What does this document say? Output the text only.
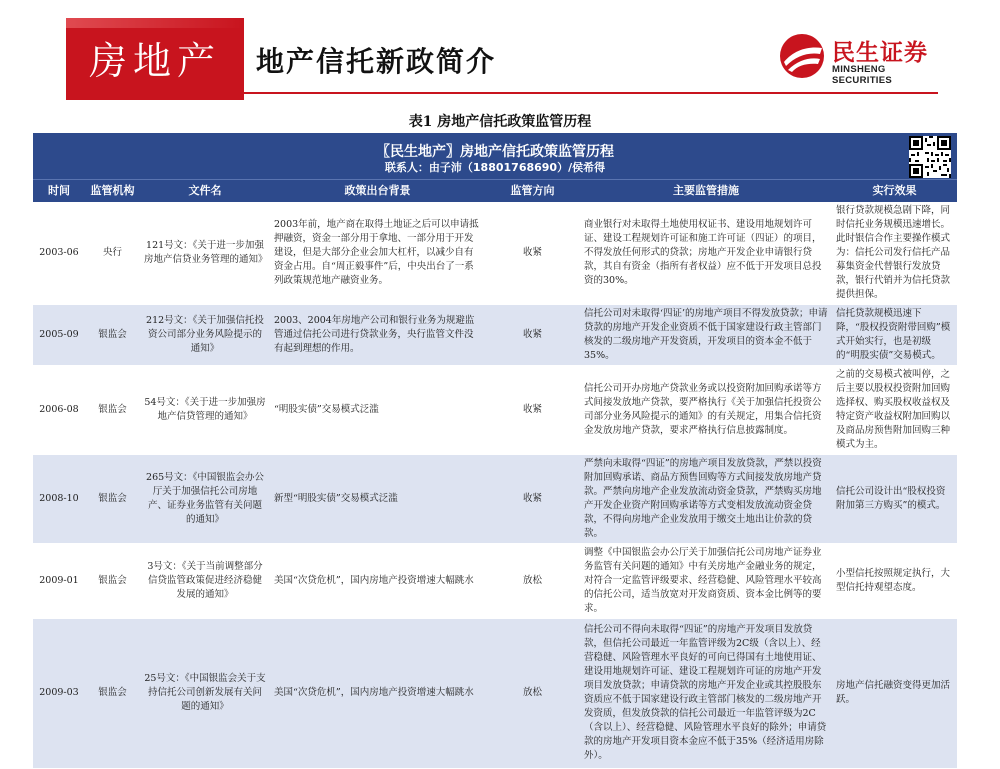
房地产	地产信托新政简介	民生证券
MINSHENG SECURITIES
表1 房地产信托政策监管历程
〖民生地产〗房地产信托政策监管历程
联系人：由子沛（18801768690）/侯希得
时间	监管机构	文件名	政策出台背景	监管方向	主要监管措施	实行效果
2003-06	央行	121号文：《关于进一步加强房地产信贷业务管理的通知》	2003年前，地产商在取得土地证之后可以申请抵押融资，资金一部分用于拿地、一部分用于开发建设，但是大部分企业会加大杠杆，以减少自有资金占用。自“周正毅事件”后，中央出台了一系列政策规范地产融资业务。	收紧	商业银行对未取得土地使用权证书、建设用地规划许可证、建设工程规划许可证和施工许可证（四证）的项目，不得发放任何形式的贷款；房地产开发企业申请银行贷款，其自有资金（指所有者权益）应不低于开发项目总投资的30%。	银行贷款规模急剧下降，同时信托业务规模迅速增长。此时银信合作主要操作模式为：信托公司发行信托产品募集资金代替银行发放贷款，银行代销并为信托贷款提供担保。
2005-09	银监会	212号文：《关于加强信托投资公司部分业务风险提示的通知》	2003、2004年房地产公司和银行业务为规避监管通过信托公司进行贷款业务，央行监管文件没有起到理想的作用。	收紧	信托公司对未取得‘四证’的房地产项目不得发放贷款；申请贷款的房地产开发企业资质不低于国家建设行政主管部门核发的二级房地产开发资质，开发项目的资本金不低于35%。	信托贷款规模迅速下降，“股权投资附带回购”模式开始实行，也是初级的“明股实债”交易模式。
2006-08	银监会	54号文：《关于进一步加强房地产信贷管理的通知》	“明股实债”交易模式泛滥	收紧	信托公司开办房地产贷款业务或以投资附加回购承诺等方式间接发放地产贷款，要严格执行《关于加强信托投资公司部分业务风险提示的通知》的有关规定，用集合信托资金发放房地产贷款，要求严格执行信息披露制度。	之前的交易模式被叫停，之后主要以股权投资附加回购选择权、购买股权收益权及特定资产收益权附加回购以及商品房预售附加回购三种模式为主。
2008-10	银监会	265号文：《中国银监会办公厅关于加强信托公司房地产、证券业务监管有关问题的通知》	新型“明股实债”交易模式泛滥	收紧	严禁向未取得“四证”的房地产项目发放贷款，严禁以投资附加回购承诺、商品方预售回购等方式间接发放房地产贷款。严禁向房地产企业发放流动资金贷款，严禁购买房地产开发企业资产附回购承诺等方式变相发放流动资金贷款，不得向房地产企业发放用于缴交土地出让价款的贷款。	信托公司设计出“股权投资附加第三方购买”的模式。
2009-01	银监会	3号文：《关于当前调整部分信贷监管政策促进经济稳健发展的通知》	美国“次贷危机”，国内房地产投资增速大幅跳水	放松	调整《中国银监会办公厅关于加强信托公司房地产证券业务监管有关问题的通知》中有关房地产金融业务的规定，对符合一定监管评级要求、经营稳健、风险管理水平较高的信托公司，适当放宽对开发商资质、资本金比例等的要求。	小型信托按照规定执行，大型信托持观望态度。
2009-03	银监会	25号文：《中国银监会关于支持信托公司创新发展有关问题的通知》	美国“次贷危机”，国内房地产投资增速大幅跳水	放松	信托公司不得向未取得“四证”的房地产开发项目发放贷款，但信托公司最近一年监管评级为2C级（含以上）、经营稳健、风险管理水平良好的可向已得国有土地使用证、建设用地规划许可证、建设工程规划许可证的房地产开发项目发放贷款；申请贷款的房地产开发企业或其控股股东资质应不低于国家建设行政主管部门核发的二级房地产开发资质，但发放贷款的信托公司最近一年监管评级为2C（含以上）、经营稳健、风险管理水平良好的除外；申请贷款的房地产开发项目资本金应不低于35%（经济适用房除外）。	房地产信托融资变得更加活跃。
